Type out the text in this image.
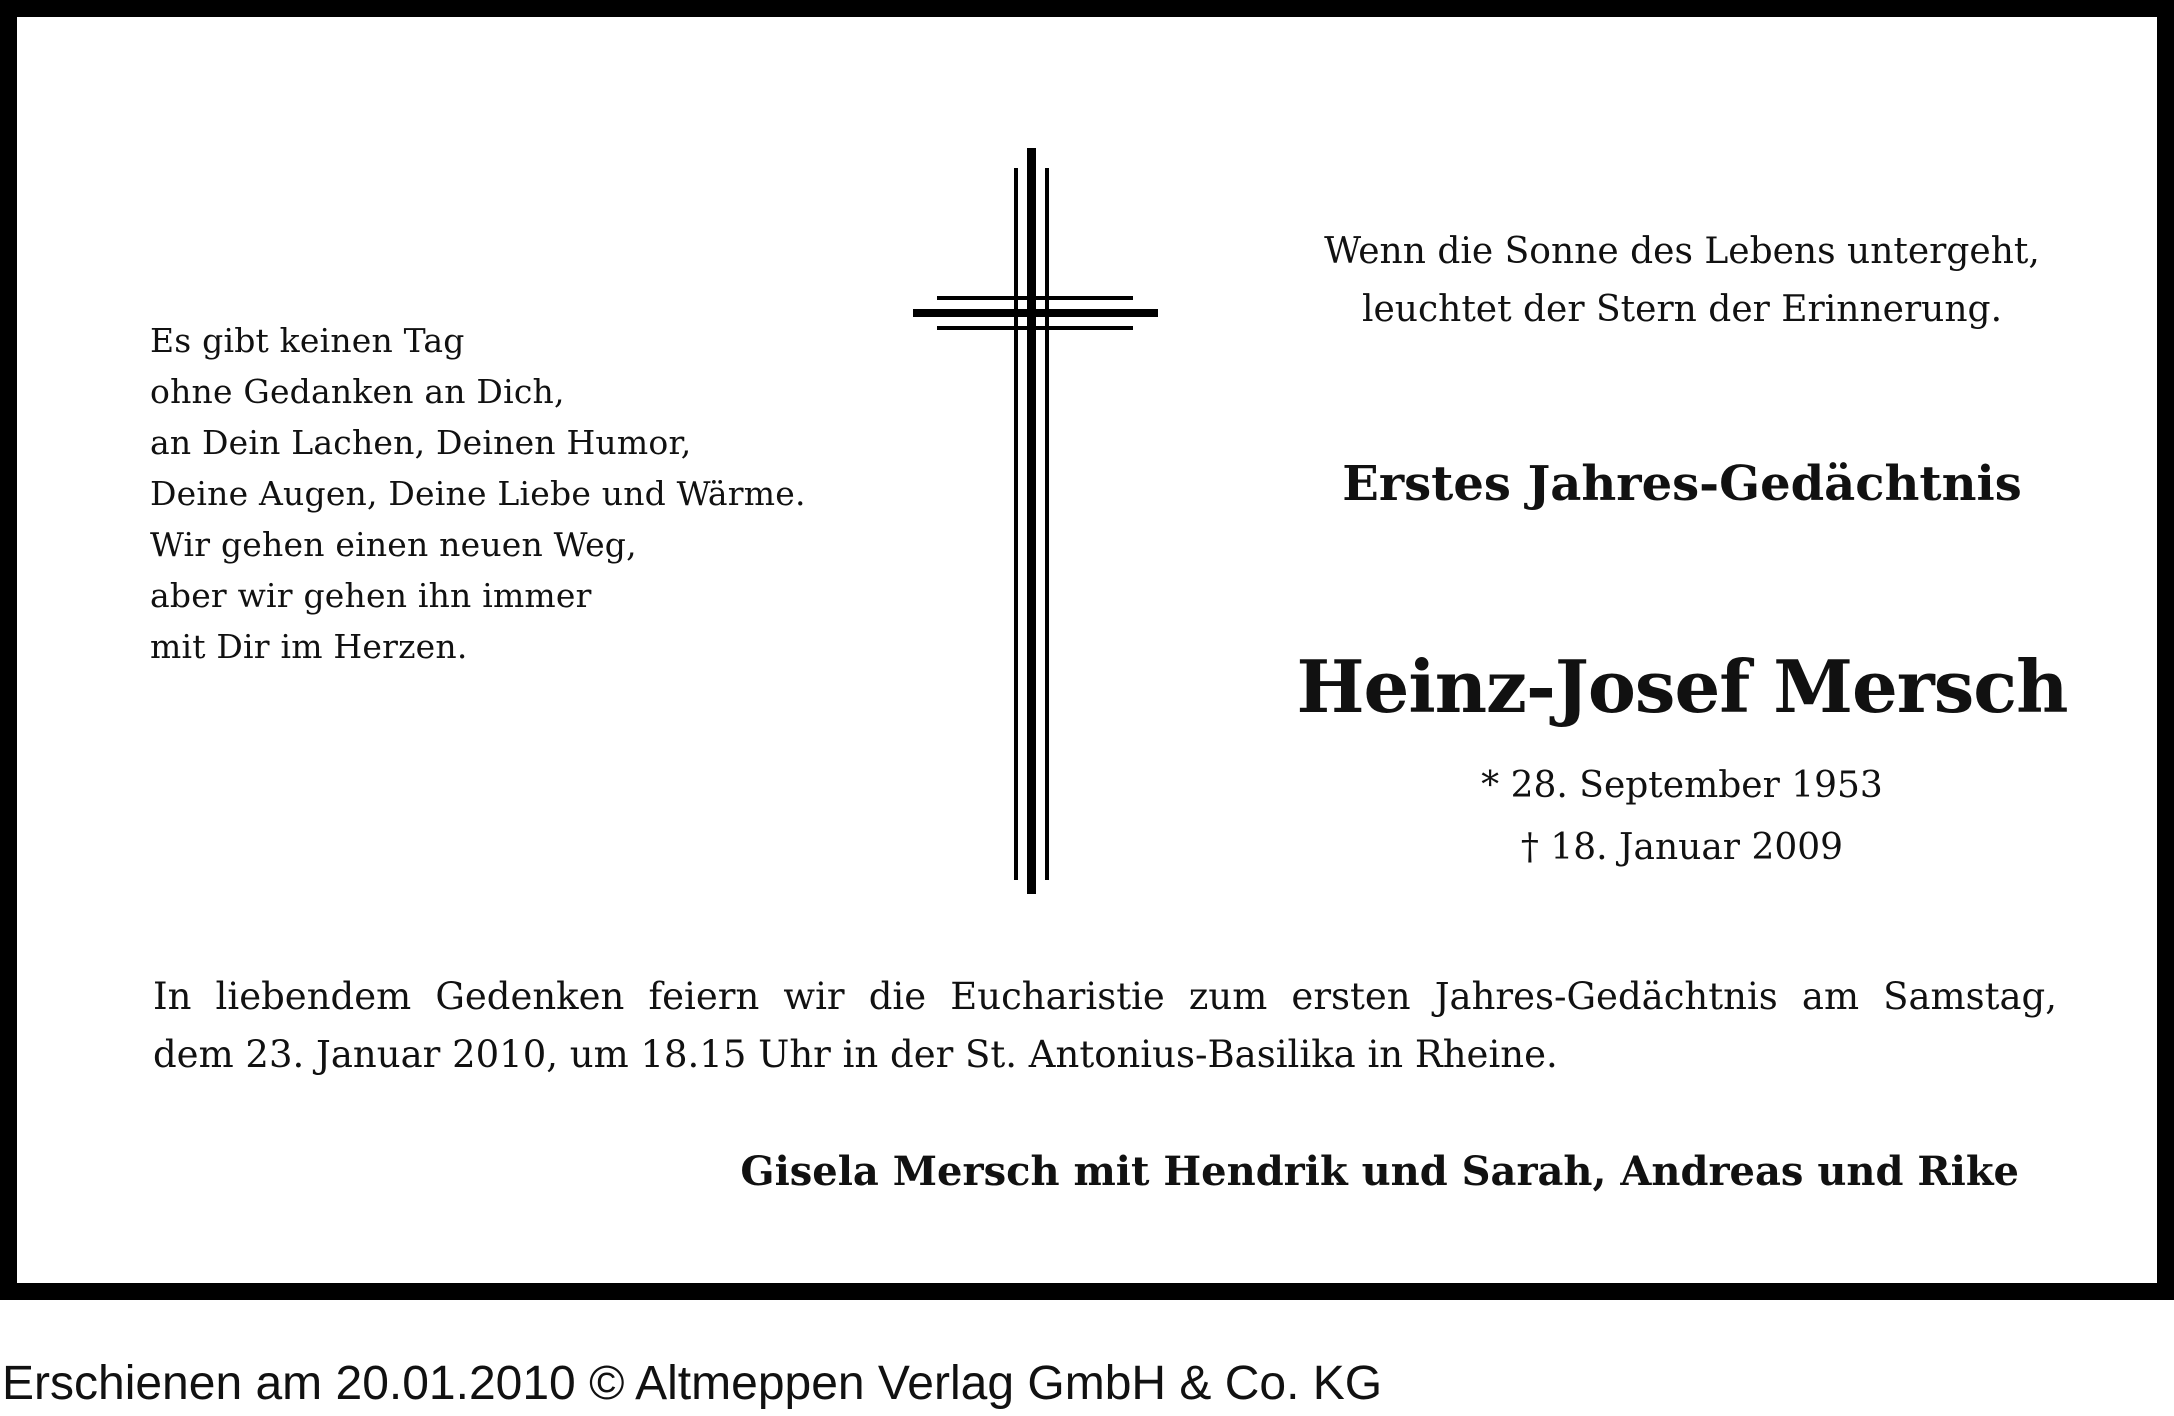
Es gibt keinen Tag
ohne Gedanken an Dich,
an Dein Lachen, Deinen Humor,
Deine Augen, Deine Liebe und Wärme.
Wir gehen einen neuen Weg,
aber wir gehen ihn immer
mit Dir im Herzen.
Wenn die Sonne des Lebens untergeht,
leuchtet der Stern der Erinnerung.
Erstes Jahres-Gedächtnis
Heinz-Josef Mersch
* 28. September 1953
† 18. Januar 2009
In liebendem Gedenken feiern wir die Eucharistie zum ersten Jahres-Gedächtnis am Samstag,
dem 23. Januar 2010, um 18.15 Uhr in der St. Antonius-Basilika in Rheine.
Gisela Mersch mit Hendrik und Sarah, Andreas und Rike
Erschienen am 20.01.2010 © Altmeppen Verlag GmbH & Co. KG
